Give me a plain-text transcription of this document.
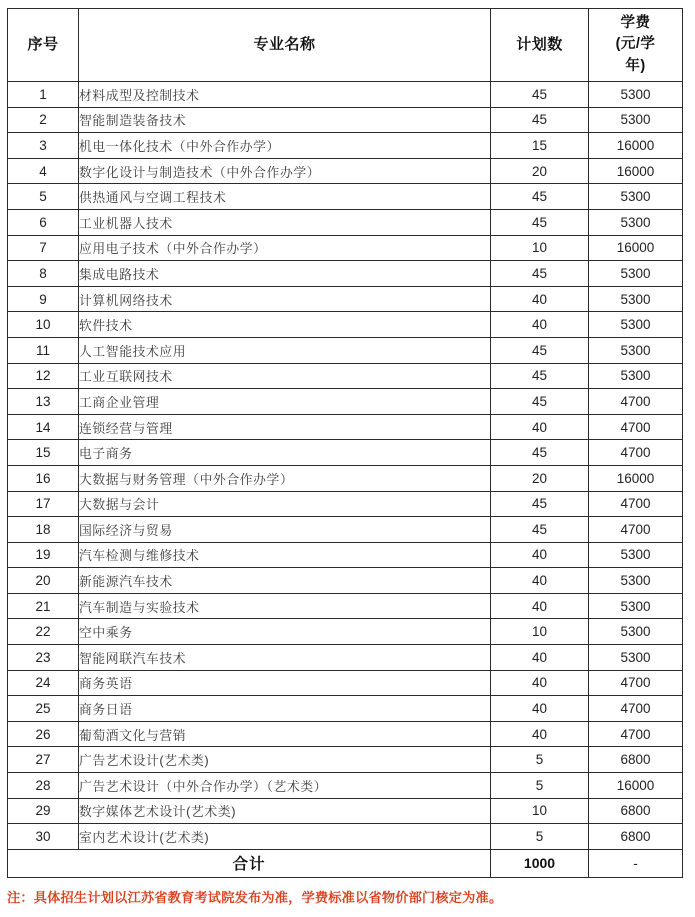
序号	专业名称	计划数	学费
(元/学
年)

1	材料成型及控制技术	45	5300
2	智能制造装备技术	45	5300
3	机电一体化技术（中外合作办学）	15	16000
4	数字化设计与制造技术（中外合作办学）	20	16000
5	供热通风与空调工程技术	45	5300
6	工业机器人技术	45	5300
7	应用电子技术（中外合作办学）	10	16000
8	集成电路技术	45	5300
9	计算机网络技术	40	5300
10	软件技术	40	5300
11	人工智能技术应用	45	5300
12	工业互联网技术	45	5300
13	工商企业管理	45	4700
14	连锁经营与管理	40	4700
15	电子商务	45	4700
16	大数据与财务管理（中外合作办学）	20	16000
17	大数据与会计	45	4700
18	国际经济与贸易	45	4700
19	汽车检测与维修技术	40	5300
20	新能源汽车技术	40	5300
21	汽车制造与实验技术	40	5300
22	空中乘务	10	5300
23	智能网联汽车技术	40	5300
24	商务英语	40	4700
25	商务日语	40	4700
26	葡萄酒文化与营销	40	4700
27	广告艺术设计(艺术类)	5	6800
28	广告艺术设计（中外合作办学）（艺术类）	5	16000
29	数字媒体艺术设计(艺术类)	10	6800
30	室内艺术设计(艺术类)	5	6800
合计		1000	-
注：具体招生计划以江苏省教育考试院发布为准，学费标准以省物价部门核定为准。
